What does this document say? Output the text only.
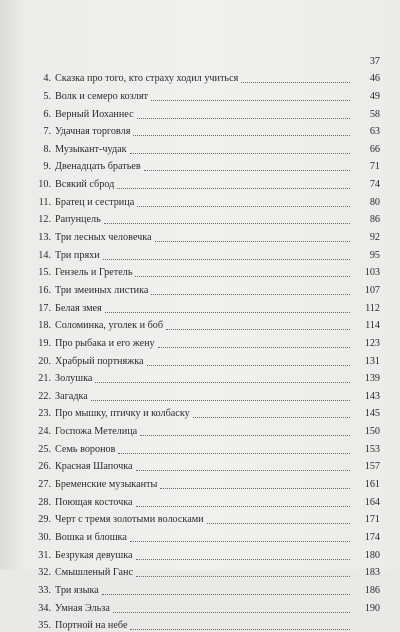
37
4. Сказка про того, кто страху ходил учиться	46
5. Волк и семеро козлят	49
6. Верный Иоханнес	58
7. Удачная торговля	63
8. Музыкант-чудак	66
9. Двенадцать братьев	71
10. Всякий сброд	74
11. Братец и сестрица	80
12. Рапунцель	86
13. Три лесных человечка	92
14. Три пряхи	95
15. Гензель и Гретель	103
16. Три змеиных листика	107
17. Белая змея	112
18. Соломинка, уголек и боб	114
19. Про рыбака и его жену	123
20. Храбрый портняжка	131
21. Золушка	139
22. Загадка	143
23. Про мышку, птичку и колбаску	145
24. Госпожа Метелица	150
25. Семь воронов	153
26. Красная Шапочка	157
27. Бременские музыканты	161
28. Поющая косточка	164
29. Черт с тремя золотыми волосками	171
30. Вошка и блошка	174
31. Безрукая девушка	180
32. Смышленый Ганс	183
33. Три языка	186
34. Умная Эльза	190
35. Портной на небе
